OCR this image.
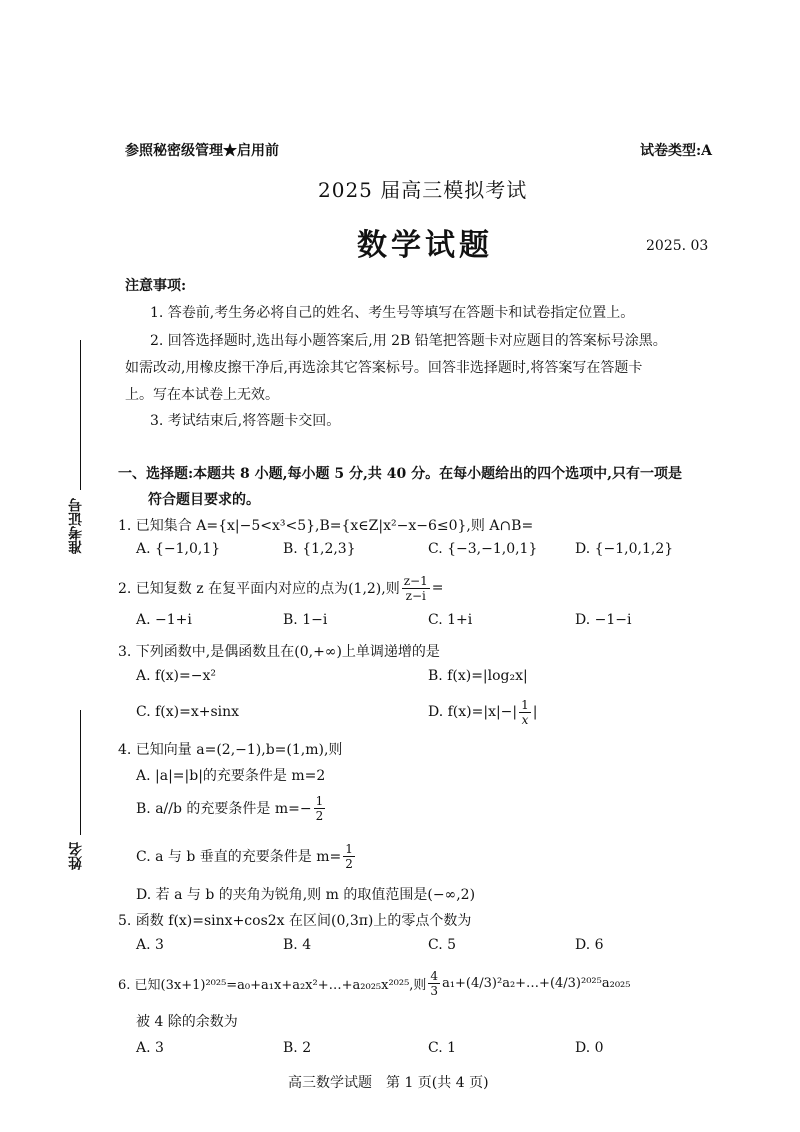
参照秘密级管理★启用前	试卷类型:A
2025 届高三模拟考试
数学试题	2025. 03
注意事项:
1. 答卷前,考生务必将自己的姓名、考生号等填写在答题卡和试卷指定位置上。
2. 回答选择题时,选出每小题答案后,用 2B 铅笔把答题卡对应题目的答案标号涂黑。
如需改动,用橡皮擦干净后,再选涂其它答案标号。回答非选择题时,将答案写在答题卡
上。写在本试卷上无效。
3. 考试结束后,将答题卡交回。
准考证号
姓名
一、选择题:本题共 8 小题,每小题 5 分,共 40 分。在每小题给出的四个选项中,只有一项是
符合题目要求的。
1. 已知集合 A={x|−5<x³<5},B={x∈Z|x²−x−6≤0},则 A∩B=
A. {−1,0,1}	B. {1,2,3}	C. {−3,−1,0,1}	D. {−1,0,1,2}
2. 已知复数 z 在复平面内对应的点为(1,2),则 $\frac{z-1}{z-i}$ =
A. −1+i	B. 1−i	C. 1+i	D. −1−i
3. 下列函数中,是偶函数且在(0,+∞)上单调递增的是
A. f(x)=−x²	B. f(x)=|log₂x|
C. f(x)=x+sinx	D. $f(x)=|x|-| \frac{1}{x}$ |
4. 已知向量 a=(2,−1),b=(1,m),则
A. |a|=|b|的充要条件是 m=2
B. a//b 的充要条件是 $m=- \frac{1}{2}$
C. a 与 b 垂直的充要条件是 $m= \frac{1}{2}$
D. 若 a 与 b 的夹角为锐角,则 m 的取值范围是(−∞,2)
5. 函数 f(x)=sinx+cos2x 在区间(0,3π)上的零点个数为
A. 3	B. 4	C. 5	D. 6
6. 已知(3x+1)²⁰²⁵=a₀+a₁x+a₂x²+…+a₂₀₂₅x²⁰²⁵,则 $\frac{4}{3}$ a₁+(4/3)²a₂+…+(4/3)²⁰²⁵a₂₀₂₅
被 4 除的余数为
A. 3	B. 2	C. 1	D. 0
高三数学试题　第 1 页(共 4 页)
